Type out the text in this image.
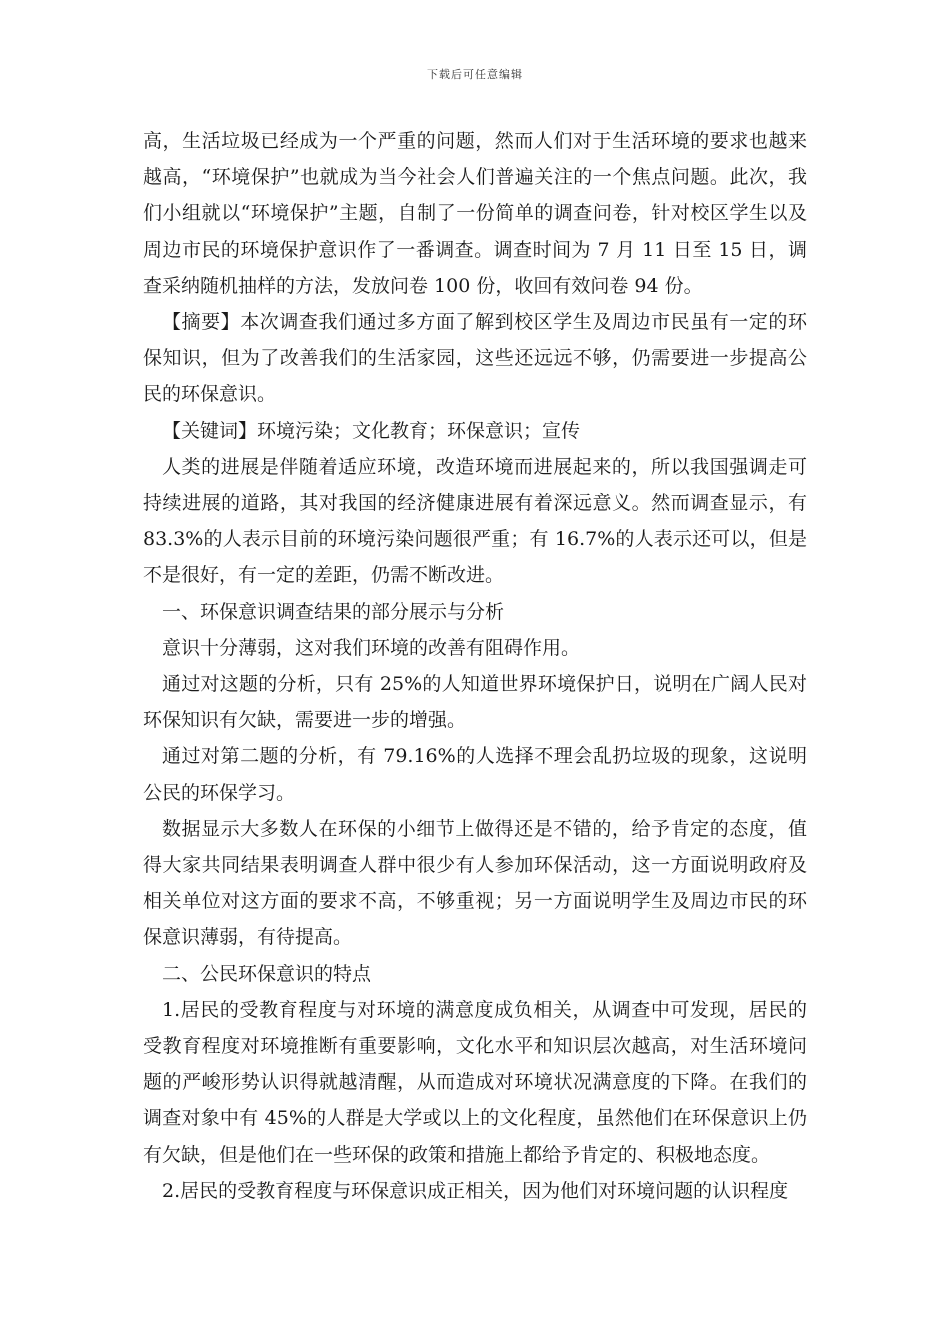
下载后可任意编辑

高，生活垃圾已经成为一个严重的问题，然而人们对于生活环境的要求也越来越高，“环境保护”也就成为当今社会人们普遍关注的一个焦点问题。此次，我们小组就以“环境保护”主题，自制了一份简单的调查问卷，针对校区学生以及周边市民的环境保护意识作了一番调查。调查时间为 7 月 11 日至 15 日，调查采纳随机抽样的方法，发放问卷 100 份，收回有效问卷 94 份。

【摘要】本次调查我们通过多方面了解到校区学生及周边市民虽有一定的环保知识，但为了改善我们的生活家园，这些还远远不够，仍需要进一步提高公民的环保意识。

【关键词】环境污染；文化教育；环保意识；宣传

人类的进展是伴随着适应环境，改造环境而进展起来的，所以我国强调走可持续进展的道路，其对我国的经济健康进展有着深远意义。然而调查显示，有 83.3%的人表示目前的环境污染问题很严重；有 16.7%的人表示还可以，但是不是很好，有一定的差距，仍需不断改进。

一、环保意识调查结果的部分展示与分析

意识十分薄弱，这对我们环境的改善有阻碍作用。

通过对这题的分析，只有 25%的人知道世界环境保护日，说明在广阔人民对环保知识有欠缺，需要进一步的增强。

通过对第二题的分析，有 79.16%的人选择不理会乱扔垃圾的现象，这说明公民的环保学习。

数据显示大多数人在环保的小细节上做得还是不错的，给予肯定的态度，值得大家共同结果表明调查人群中很少有人参加环保活动，这一方面说明政府及相关单位对这方面的要求不高，不够重视；另一方面说明学生及周边市民的环保意识薄弱，有待提高。

二、公民环保意识的特点

1.居民的受教育程度与对环境的满意度成负相关，从调查中可发现，居民的受教育程度对环境推断有重要影响，文化水平和知识层次越高，对生活环境问题的严峻形势认识得就越清醒，从而造成对环境状况满意度的下降。在我们的调查对象中有 45%的人群是大学或以上的文化程度，虽然他们在环保意识上仍有欠缺，但是他们在一些环保的政策和措施上都给予肯定的、积极地态度。

2.居民的受教育程度与环保意识成正相关，因为他们对环境问题的认识程度
